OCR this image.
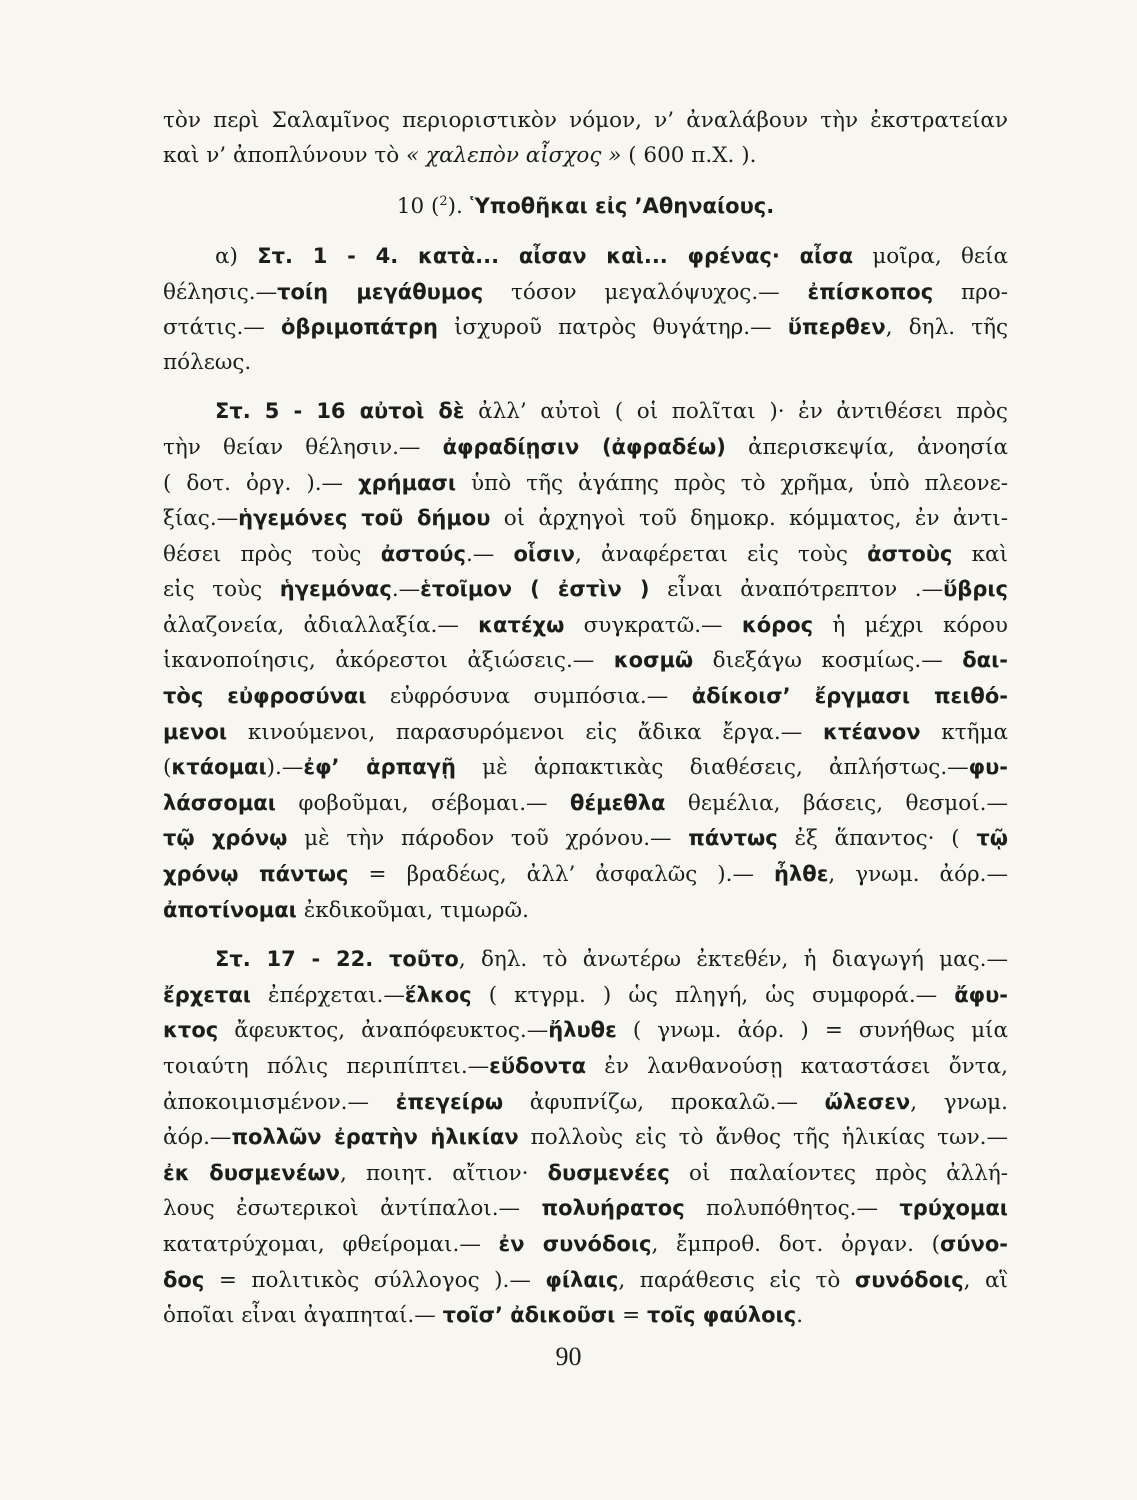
τὸν περὶ Σαλαμῖνος περιοριστικὸν νόμον, ν’ ἀναλάβουν τὴν ἐκστρατείαν
καὶ ν’ ἀποπλύνουν τὸ « χαλεπὸν αἶσχος » ( 600 π.Χ. ).
10 ($^2$). Ὑποθῆκαι εἰς ’Αθηναίους.
α) Στ. 1 - 4. κατὰ... αἶσαν καὶ... φρένας· αἶσα μοῖρα, θεία
θέλησις.—τοίη μεγάθυμος τόσον μεγαλόψυχος.— ἐπίσκοπος προ-
στάτις.— ὀβριμοπάτρη ἰσχυροῦ πατρὸς θυγάτηρ.— ὕπερθεν, δηλ. τῆς
πόλεως.
Στ. 5 - 16 αὐτοὶ δὲ ἀλλ’ αὐτοὶ ( οἱ πολῖται )· ἐν ἀντιθέσει πρὸς
τὴν θείαν θέλησιν.— ἀφραδίῃσιν (ἀφραδέω) ἀπερισκεψία, ἀνοησία
( δοτ. ὀργ. ).— χρήμασι ὑπὸ τῆς ἀγάπης πρὸς τὸ χρῆμα, ὑπὸ πλεονε-
ξίας.—ἡγεμόνες τοῦ δήμου οἱ ἀρχηγοὶ τοῦ δημοκρ. κόμματος, ἐν ἀντι-
θέσει πρὸς τοὺς ἀστούς.— οἷσιν, ἀναφέρεται εἰς τοὺς ἀστοὺς καὶ
εἰς τοὺς ἡγεμόνας.—ἑτοῖμον ( ἐστὶν ) εἶναι ἀναπότρεπτον .—ὕβρις
ἀλαζονεία, ἀδιαλλαξία.— κατέχω συγκρατῶ.— κόρος ἡ μέχρι κόρου
ἱκανοποίησις, ἀκόρεστοι ἀξιώσεις.— κοσμῶ διεξάγω κοσμίως.— δαι-
τὸς εὐφροσύναι εὐφρόσυνα συμπόσια.— ἀδίκοισ’ ἔργμασι πειθό-
μενοι κινούμενοι, παρασυρόμενοι εἰς ἄδικα ἔργα.— κτέανον κτῆμα
(κτάομαι).—ἐφ’ ἁρπαγῇ μὲ ἁρπακτικὰς διαθέσεις, ἀπλήστως.—φυ-
λάσσομαι φοβοῦμαι, σέβομαι.— θέμεθλα θεμέλια, βάσεις, θεσμοί.—
τῷ χρόνῳ μὲ τὴν πάροδον τοῦ χρόνου.— πάντως ἐξ ἅπαντος· ( τῷ
χρόνῳ πάντως = βραδέως, ἀλλ’ ἀσφαλῶς ).— ἦλθε, γνωμ. ἀόρ.—
ἀποτίνομαι ἐκδικοῦμαι, τιμωρῶ.
Στ. 17 - 22. τοῦτο, δηλ. τὸ ἀνωτέρω ἐκτεθέν, ἡ διαγωγή μας.—
ἔρχεται ἐπέρχεται.—ἕλκος ( κτγρμ. ) ὡς πληγή, ὡς συμφορά.— ἄφυ-
κτος ἄφευκτος, ἀναπόφευκτος.—ἤλυθε ( γνωμ. ἀόρ. ) = συνήθως μία
τοιαύτη πόλις περιπίπτει.—εὕδοντα ἐν λανθανούσῃ καταστάσει ὄντα,
ἀποκοιμισμένον.— ἐπεγείρω ἀφυπνίζω, προκαλῶ.— ὤλεσεν, γνωμ.
ἀόρ.—πολλῶν ἐρατὴν ἡλικίαν πολλοὺς εἰς τὸ ἄνθος τῆς ἡλικίας των.—
ἐκ δυσμενέων, ποιητ. αἴτιον· δυσμενέες οἱ παλαίοντες πρὸς ἀλλή-
λους ἐσωτερικοὶ ἀντίπαλοι.— πολυήρατος πολυπόθητος.— τρύχομαι
κατατρύχομαι, φθείρομαι.— ἐν συνόδοις, ἔμπροθ. δοτ. ὀργαν. (σύνο-
δος = πολιτικὸς σύλλογος ).— φίλαις, παράθεσις εἰς τὸ συνόδοις, αἳ
ὁποῖαι εἶναι ἀγαπηταί.— τοῖσ’ ἀδικοῦσι = τοῖς φαύλοις.
90
